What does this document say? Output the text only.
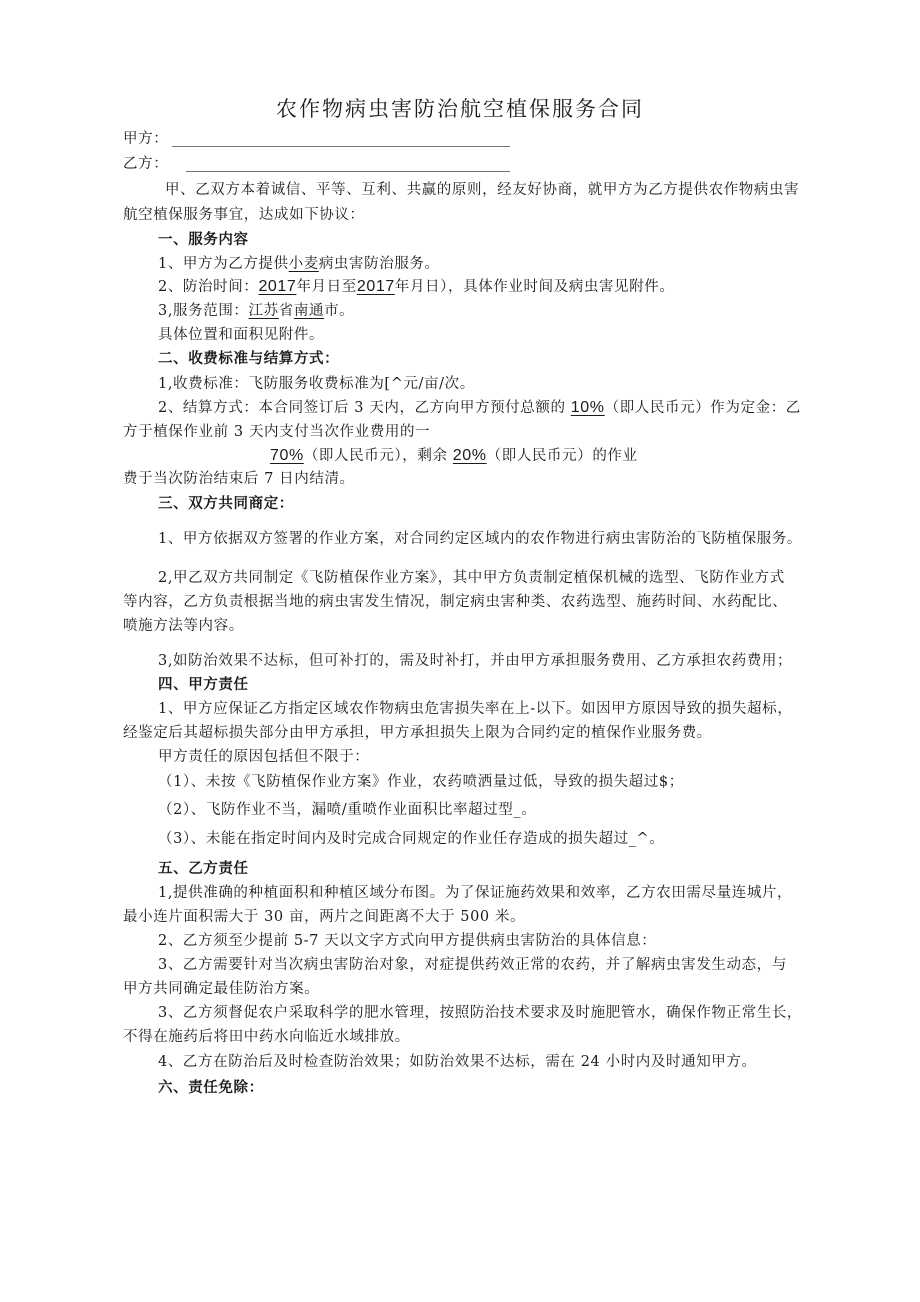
农作物病虫害防治航空植保服务合同
甲方：
乙方：
甲、乙双方本着诚信、平等、互利、共赢的原则，经友好协商，就甲方为乙方提供农作物病虫害
航空植保服务事宜，达成如下协议：
一、服务内容
1、甲方为乙方提供小麦病虫害防治服务。
2、防治时间：2017年月日至2017年月日），具体作业时间及病虫害见附件。
3,服务范围：江苏省南通市。
具体位置和面积见附件。
二、收费标准与结算方式：
1,收费标准：飞防服务收费标准为[^元/亩/次。
2、结算方式：本合同签订后 3 天内，乙方向甲方预付总额的 10%（即人民币元）作为定金：乙
方于植保作业前 3 天内支付当次作业费用的一
70%（即人民币元），剩余 20%（即人民币元）的作业
费于当次防治结束后 7 日内结清。
三、双方共同商定：
1、甲方依据双方签署的作业方案，对合同约定区域内的农作物进行病虫害防治的飞防植保服务。
2,甲乙双方共同制定《飞防植保作业方案》，其中甲方负责制定植保机械的选型、飞防作业方式
等内容，乙方负责根据当地的病虫害发生情况，制定病虫害种类、农药选型、施药时间、水药配比、
喷施方法等内容。
3,如防治效果不达标，但可补打的，需及时补打，并由甲方承担服务费用、乙方承担农药费用；
四、甲方责任
1、甲方应保证乙方指定区域农作物病虫危害损失率在上-以下。如因甲方原因导致的损失超标，
经鉴定后其超标损失部分由甲方承担，甲方承担损失上限为合同约定的植保作业服务费。
甲方责任的原因包括但不限于：
（1）、未按《飞防植保作业方案》作业，农药喷洒量过低，导致的损失超过$；
（2）、飞防作业不当，漏喷/重喷作业面积比率超过型_。
（3）、未能在指定时间内及时完成合同规定的作业任存造成的损失超过_^。
五、乙方责任
1,提供准确的种植面积和种植区域分布图。为了保证施药效果和效率，乙方农田需尽量连城片，
最小连片面积需大于 30 亩，两片之间距离不大于 500 米。
2、乙方须至少提前 5-7 天以文字方式向甲方提供病虫害防治的具体信息：
3、乙方需要针对当次病虫害防治对象，对症提供药效正常的农药，并了解病虫害发生动态，与
甲方共同确定最佳防治方案。
3、乙方须督促农户采取科学的肥水管理，按照防治技术要求及时施肥管水，确保作物正常生长，
不得在施药后将田中药水向临近水域排放。
4、乙方在防治后及时检查防治效果；如防治效果不达标，需在 24 小时内及时通知甲方。
六、责任免除：
